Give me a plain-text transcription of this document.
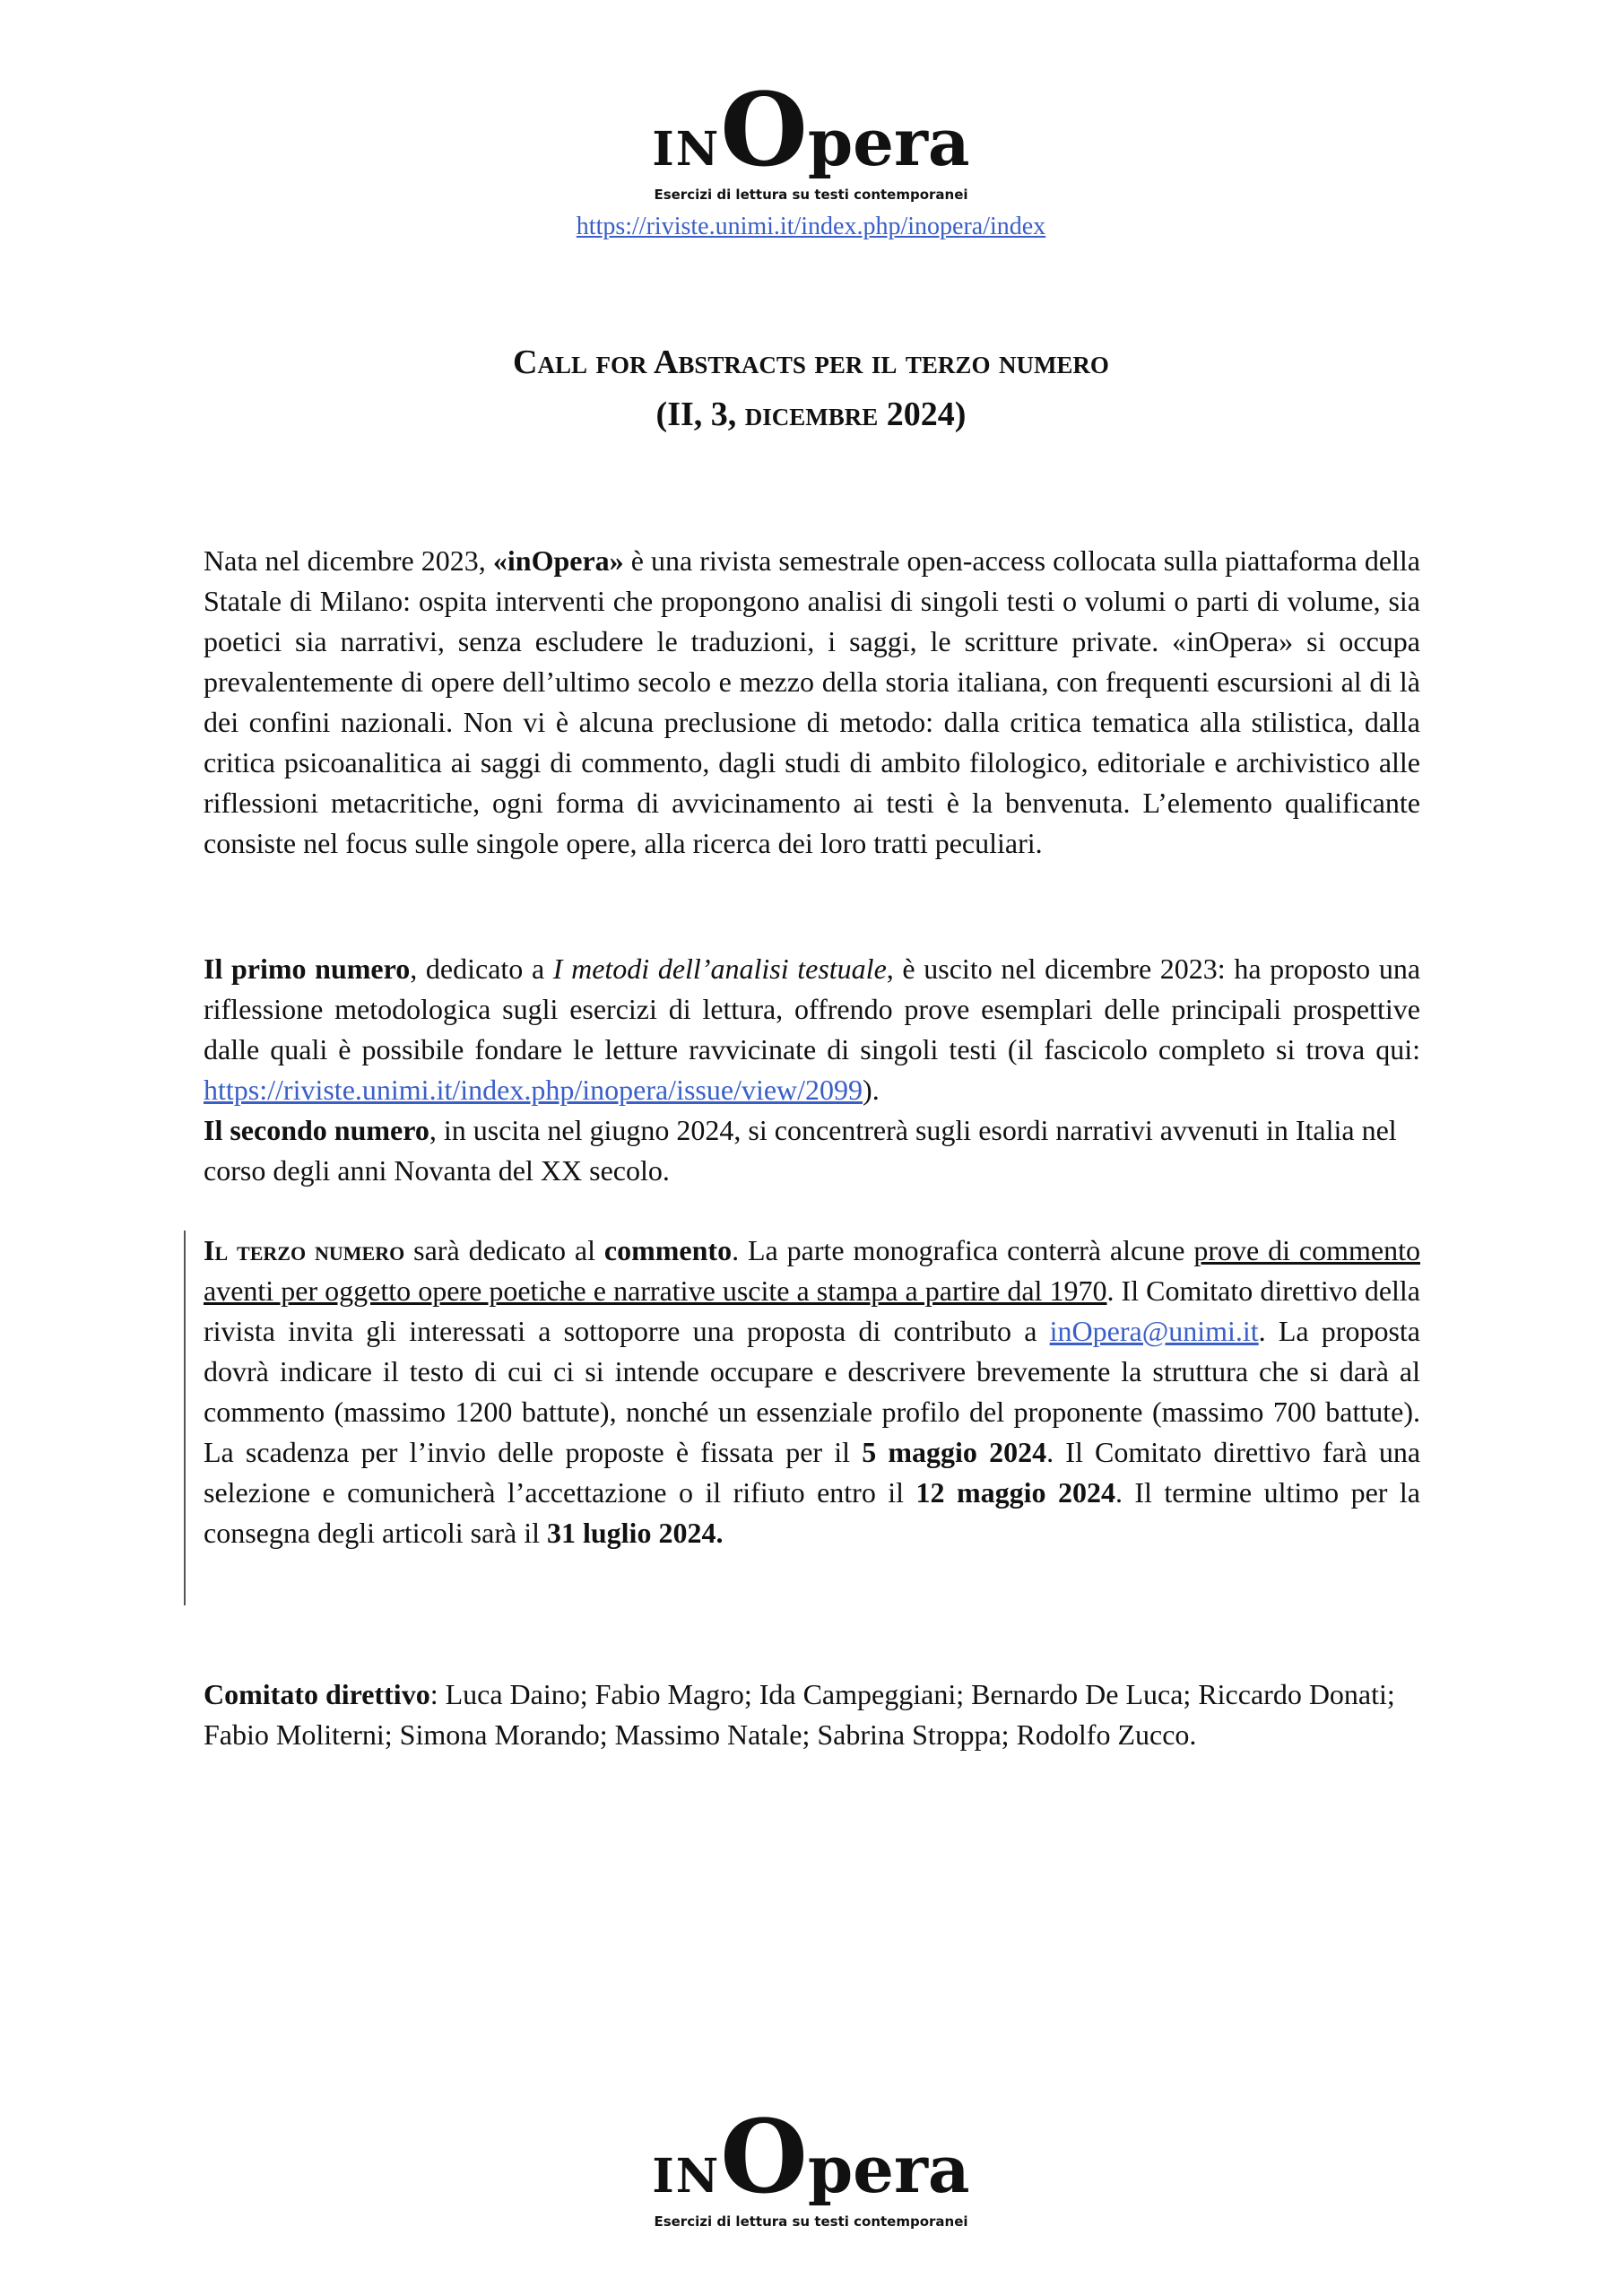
INOpera
Esercizi di lettura su testi contemporanei
https://riviste.unimi.it/index.php/inopera/index
Call for Abstracts per il terzo numero
(II, 3, dicembre 2024)

Nata nel dicembre 2023, «inOpera» è una rivista semestrale open-access collocata sulla piattaforma della Statale di Milano: ospita interventi che propongono analisi di singoli testi o volumi o parti di volume, sia poetici sia narrativi, senza escludere le traduzioni, i saggi, le scritture private. «inOpera» si occupa prevalentemente di opere dell’ultimo secolo e mezzo della storia italiana, con frequenti escursioni al di là dei confini nazionali. Non vi è alcuna preclusione di metodo: dalla critica tematica alla stilistica, dalla critica psicoanalitica ai saggi di commento, dagli studi di ambito filologico, editoriale e archivistico alle riflessioni metacritiche, ogni forma di avvicinamento ai testi è la benvenuta. L’elemento qualificante consiste nel focus sulle singole opere, alla ricerca dei loro tratti peculiari.

Il primo numero, dedicato a I metodi dell’analisi testuale, è uscito nel dicembre 2023: ha proposto una riflessione metodologica sugli esercizi di lettura, offrendo prove esemplari delle principali prospettive dalle quali è possibile fondare le letture ravvicinate di singoli testi (il fascicolo completo si trova qui: https://riviste.unimi.it/index.php/inopera/issue/view/2099).

Il secondo numero, in uscita nel giugno 2024, si concentrerà sugli esordi narrativi avvenuti in Italia nel corso degli anni Novanta del XX secolo.

Il terzo numero sarà dedicato al commento. La parte monografica conterrà alcune prove di commento aventi per oggetto opere poetiche e narrative uscite a stampa a partire dal 1970. Il Comitato direttivo della rivista invita gli interessati a sottoporre una proposta di contributo a inOpera@unimi.it. La proposta dovrà indicare il testo di cui ci si intende occupare e descrivere brevemente la struttura che si darà al commento (massimo 1200 battute), nonché un essenziale profilo del proponente (massimo 700 battute). La scadenza per l’invio delle proposte è fissata per il 5 maggio 2024. Il Comitato direttivo farà una selezione e comunicherà l’accettazione o il rifiuto entro il 12 maggio 2024. Il termine ultimo per la consegna degli articoli sarà il 31 luglio 2024.

Comitato direttivo: Luca Daino; Fabio Magro; Ida Campeggiani; Bernardo De Luca; Riccardo Donati; Fabio Moliterni; Simona Morando; Massimo Natale; Sabrina Stroppa; Rodolfo Zucco.

INOpera
Esercizi di lettura su testi contemporanei
